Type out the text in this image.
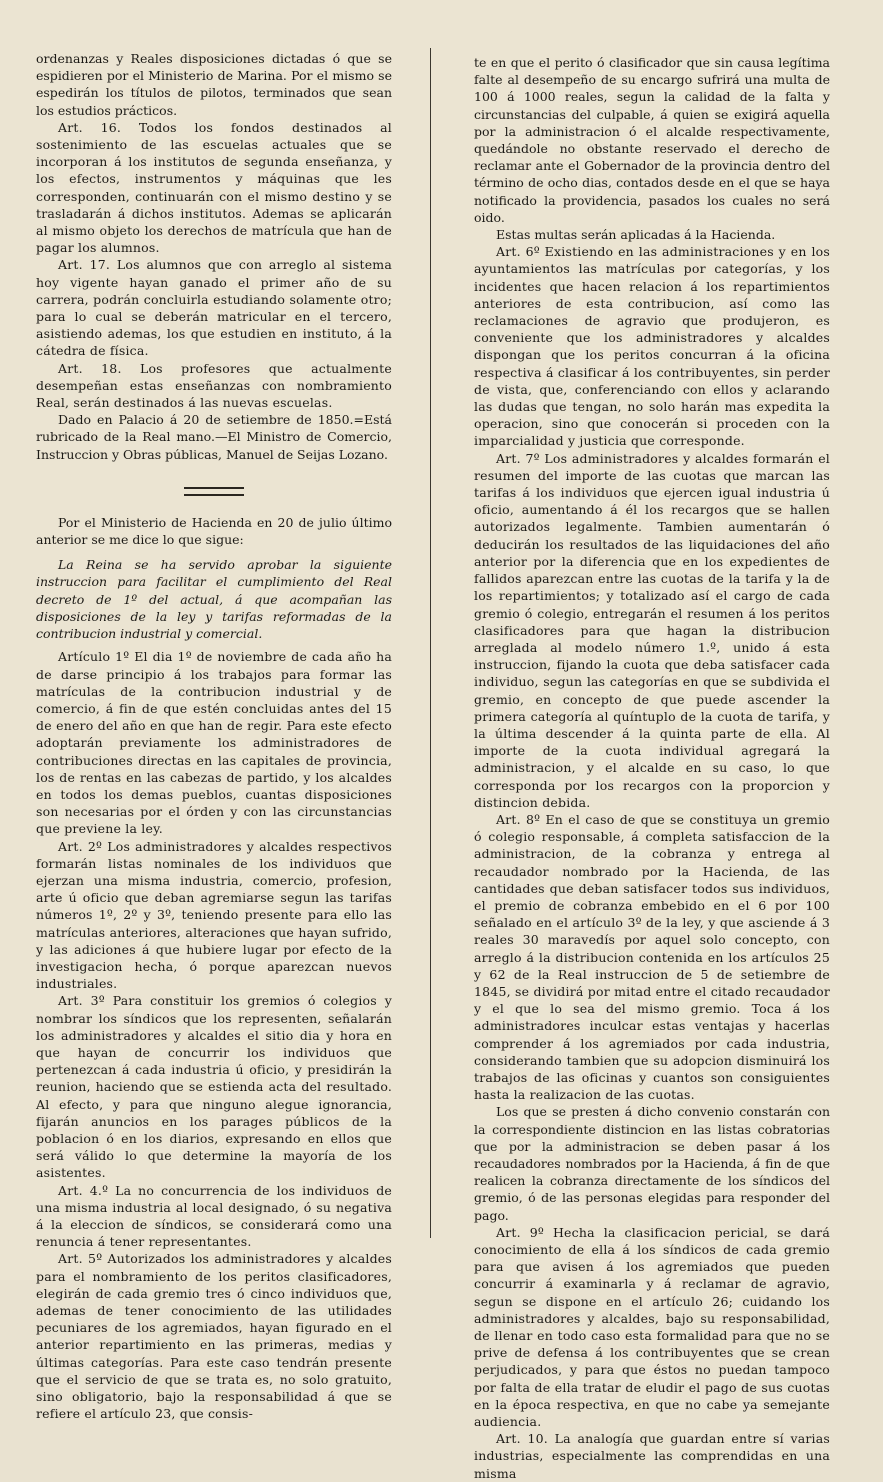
ordenanzas y Reales disposiciones dictadas ó que se espidieren por el Ministerio de Marina. Por el mismo se espedirán los títulos de pilotos, terminados que sean los estudios prácticos.

Art. 16. Todos los fondos destinados al sostenimiento de las escuelas actuales que se incorporan á los institutos de segunda enseñanza, y los efectos, instrumentos y máquinas que les corresponden, continuarán con el mismo destino y se trasladarán á dichos institutos. Ademas se aplicarán al mismo objeto los derechos de matrícula que han de pagar los alumnos.

Art. 17. Los alumnos que con arreglo al sistema hoy vigente hayan ganado el primer año de su carrera, podrán concluirla estudiando solamente otro; para lo cual se deberán matricular en el tercero, asistiendo ademas, los que estudien en instituto, á la cátedra de física.

Art. 18. Los profesores que actualmente desempeñan estas enseñanzas con nombramiento Real, serán destinados á las nuevas escuelas.

Dado en Palacio á 20 de setiembre de 1850.=Está rubricado de la Real mano.—El Ministro de Comercio, Instruccion y Obras públicas, Manuel de Seijas Lozano.

Por el Ministerio de Hacienda en 20 de julio último anterior se me dice lo que sigue:

La Reina se ha servido aprobar la siguiente instruccion para facilitar el cumplimiento del Real decreto de 1º del actual, á que acompañan las disposiciones de la ley y tarifas reformadas de la contribucion industrial y comercial.

Artículo 1º El dia 1º de noviembre de cada año ha de darse principio á los trabajos para formar las matrículas de la contribucion industrial y de comercio, á fin de que estén concluidas antes del 15 de enero del año en que han de regir. Para este efecto adoptarán previamente los administradores de contribuciones directas en las capitales de provincia, los de rentas en las cabezas de partido, y los alcaldes en todos los demas pueblos, cuantas disposiciones son necesarias por el órden y con las circunstancias que previene la ley.

Art. 2º Los administradores y alcaldes respectivos formarán listas nominales de los individuos que ejerzan una misma industria, comercio, profesion, arte ú oficio que deban agremiarse segun las tarifas números 1º, 2º y 3º, teniendo presente para ello las matrículas anteriores, alteraciones que hayan sufrido, y las adiciones á que hubiere lugar por efecto de la investigacion hecha, ó porque aparezcan nuevos industriales.

Art. 3º Para constituir los gremios ó colegios y nombrar los síndicos que los representen, señalarán los administradores y alcaldes el sitio dia y hora en que hayan de concurrir los individuos que pertenezcan á cada industria ú oficio, y presidirán la reunion, haciendo que se estienda acta del resultado. Al efecto, y para que ninguno alegue ignorancia, fijarán anuncios en los parages públicos de la poblacion ó en los diarios, expresando en ellos que será válido lo que determine la mayoría de los asistentes.

Art. 4.º La no concurrencia de los individuos de una misma industria al local designado, ó su negativa á la eleccion de síndicos, se considerará como una renuncia á tener representantes.

Art. 5º Autorizados los administradores y alcaldes para el nombramiento de los peritos clasificadores, elegirán de cada gremio tres ó cinco individuos que, ademas de tener conocimiento de las utilidades pecuniares de los agremiados, hayan figurado en el anterior repartimiento en las primeras, medias y últimas categorías. Para este caso tendrán presente que el servicio de que se trata es, no solo gratuito, sino obligatorio, bajo la responsabilidad á que se refiere el artículo 23, que consis-

te en que el perito ó clasificador que sin causa legítima falte al desempeño de su encargo sufrirá una multa de 100 á 1000 reales, segun la calidad de la falta y circunstancias del culpable, á quien se exigirá aquella por la administracion ó el alcalde respectivamente, quedándole no obstante reservado el derecho de reclamar ante el Gobernador de la provincia dentro del término de ocho dias, contados desde en el que se haya notificado la providencia, pasados los cuales no será oido.

Estas multas serán aplicadas á la Hacienda.

Art. 6º Existiendo en las administraciones y en los ayuntamientos las matrículas por categorías, y los incidentes que hacen relacion á los repartimientos anteriores de esta contribucion, así como las reclamaciones de agravio que produjeron, es conveniente que los administradores y alcaldes dispongan que los peritos concurran á la oficina respectiva á clasificar á los contribuyentes, sin perder de vista, que, conferenciando con ellos y aclarando las dudas que tengan, no solo harán mas expedita la operacion, sino que conocerán si proceden con la imparcialidad y justicia que corresponde.

Art. 7º Los administradores y alcaldes formarán el resumen del importe de las cuotas que marcan las tarifas á los individuos que ejercen igual industria ú oficio, aumentando á él los recargos que se hallen autorizados legalmente. Tambien aumentarán ó deducirán los resultados de las liquidaciones del año anterior por la diferencia que en los expedientes de fallidos aparezcan entre las cuotas de la tarifa y la de los repartimientos; y totalizado así el cargo de cada gremio ó colegio, entregarán el resumen á los peritos clasificadores para que hagan la distribucion arreglada al modelo número 1.º, unido á esta instruccion, fijando la cuota que deba satisfacer cada individuo, segun las categorías en que se subdivida el gremio, en concepto de que puede ascender la primera categoría al quíntuplo de la cuota de tarifa, y la última descender á la quinta parte de ella. Al importe de la cuota individual agregará la administracion, y el alcalde en su caso, lo que corresponda por los recargos con la proporcion y distincion debida.

Art. 8º En el caso de que se constituya un gremio ó colegio responsable, á completa satisfaccion de la administracion, de la cobranza y entrega al recaudador nombrado por la Hacienda, de las cantidades que deban satisfacer todos sus individuos, el premio de cobranza embebido en el 6 por 100 señalado en el artículo 3º de la ley, y que asciende á 3 reales 30 maravedís por aquel solo concepto, con arreglo á la distribucion contenida en los artículos 25 y 62 de la Real instruccion de 5 de setiembre de 1845, se dividirá por mitad entre el citado recaudador y el que lo sea del mismo gremio. Toca á los administradores inculcar estas ventajas y hacerlas comprender á los agremiados por cada industria, considerando tambien que su adopcion disminuirá los trabajos de las oficinas y cuantos son consiguientes hasta la realizacion de las cuotas.

Los que se presten á dicho convenio constarán con la correspondiente distincion en las listas cobratorias que por la administracion se deben pasar á los recaudadores nombrados por la Hacienda, á fin de que realicen la cobranza directamente de los síndicos del gremio, ó de las personas elegidas para responder del pago.

Art. 9º Hecha la clasificacion pericial, se dará conocimiento de ella á los síndicos de cada gremio para que avisen á los agremiados que pueden concurrir á examinarla y á reclamar de agravio, segun se dispone en el artículo 26; cuidando los administradores y alcaldes, bajo su responsabilidad, de llenar en todo caso esta formalidad para que no se prive de defensa á los contribuyentes que se crean perjudicados, y para que éstos no puedan tampoco por falta de ella tratar de eludir el pago de sus cuotas en la época respectiva, en que no cabe ya semejante audiencia.

Art. 10. La analogía que guardan entre sí varias industrias, especialmente las comprendidas en una misma
